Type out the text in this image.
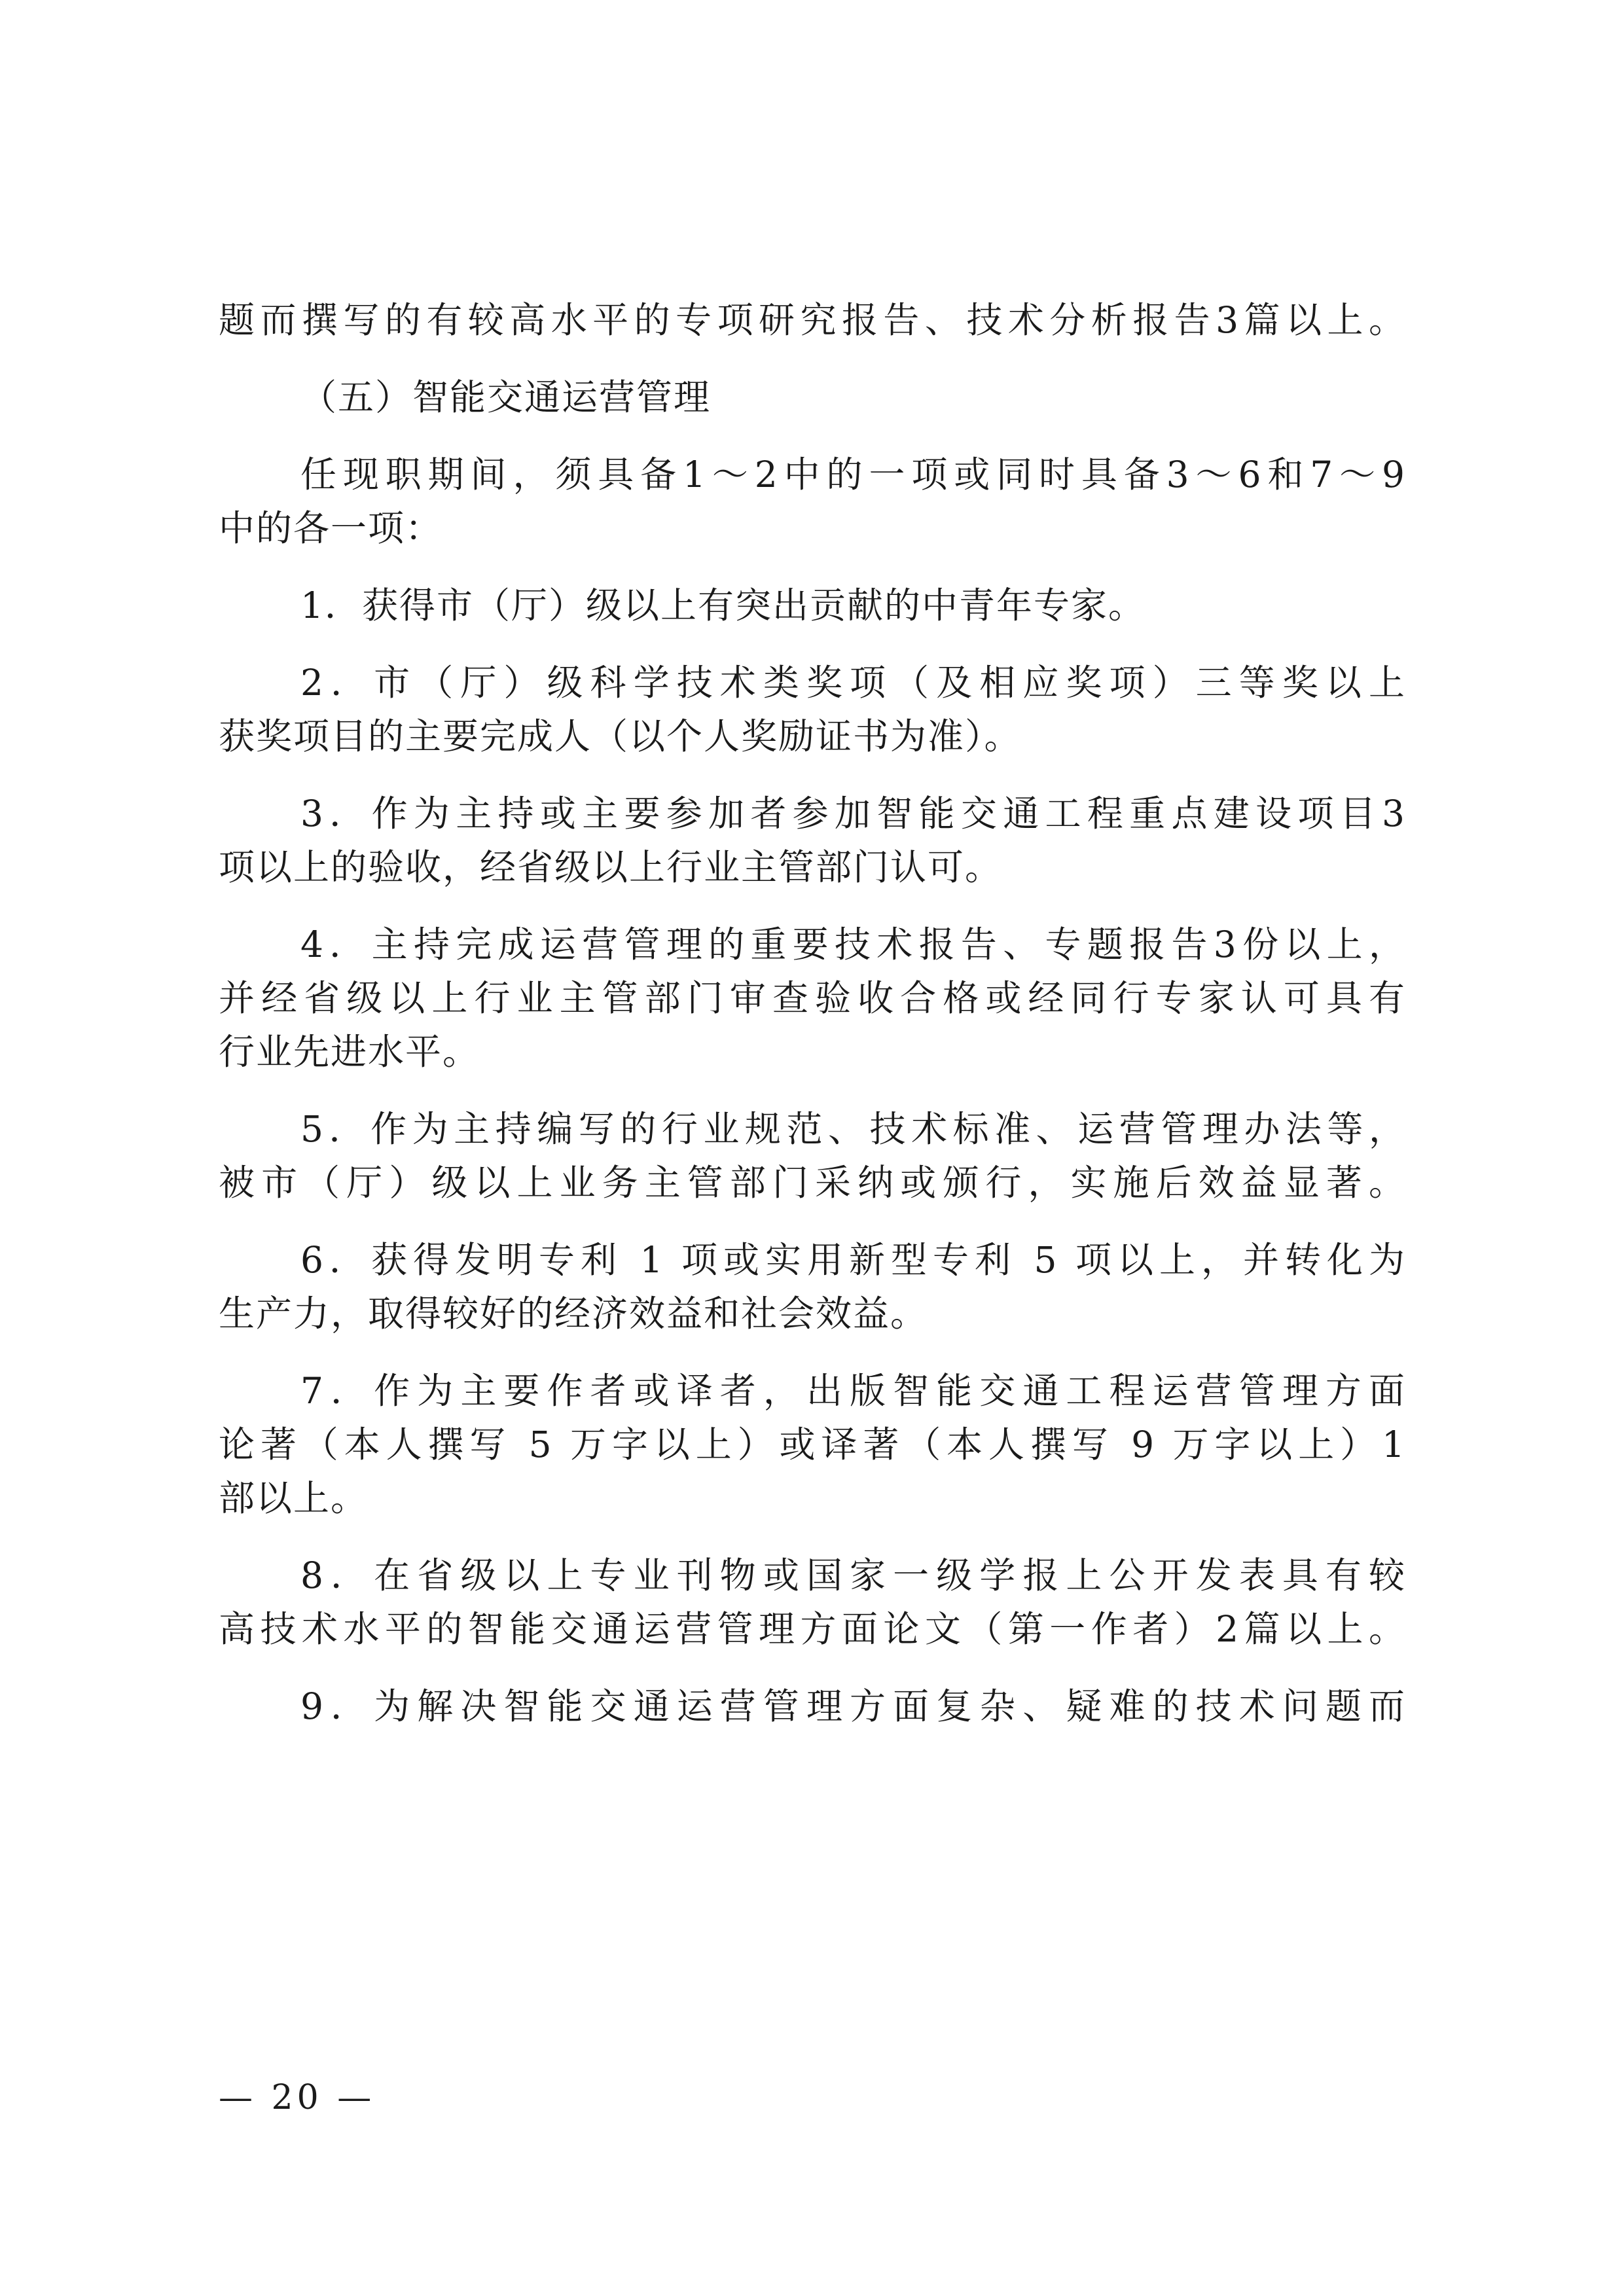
题而撰写的有较高水平的专项研究报告、技术分析报告3篇以上。
（五）智能交通运营管理
任现职期间，须具备1～2中的一项或同时具备3～6和7～9
中的各一项：
1．获得市（厅）级以上有突出贡献的中青年专家。
2．市（厅）级科学技术类奖项（及相应奖项）三等奖以上
获奖项目的主要完成人（以个人奖励证书为准）。
3．作为主持或主要参加者参加智能交通工程重点建设项目3
项以上的验收，经省级以上行业主管部门认可。
4．主持完成运营管理的重要技术报告、专题报告3份以上，
并经省级以上行业主管部门审查验收合格或经同行专家认可具有
行业先进水平。
5．作为主持编写的行业规范、技术标准、运营管理办法等，
被市（厅）级以上业务主管部门采纳或颁行，实施后效益显著。
6．获得发明专利 1 项或实用新型专利 5 项以上，并转化为
生产力，取得较好的经济效益和社会效益。
7．作为主要作者或译者，出版智能交通工程运营管理方面
论著（本人撰写 5 万字以上）或译著（本人撰写 9 万字以上）1
部以上。
8．在省级以上专业刊物或国家一级学报上公开发表具有较
高技术水平的智能交通运营管理方面论文（第一作者）2篇以上。
9．为解决智能交通运营管理方面复杂、疑难的技术问题而
— 20 —
